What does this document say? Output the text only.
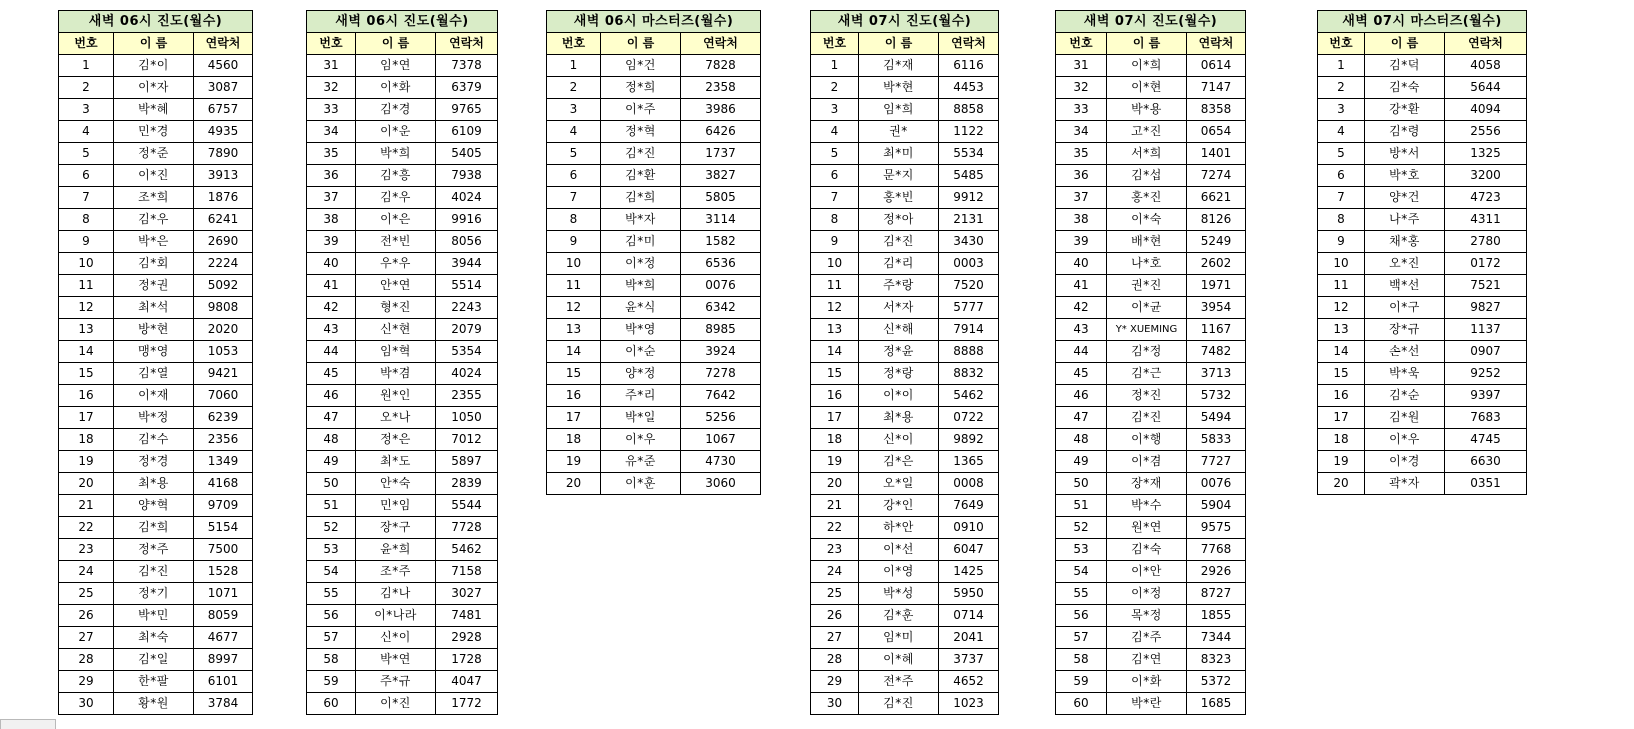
새벽 06시 진도(월수)		
번호	이 름	연락처
1	김*이	4560
2	이*자	3087
3	박*혜	6757
4	민*경	4935
5	정*준	7890
6	이*진	3913
7	조*희	1876
8	김*우	6241
9	박*은	2690
10	김*회	2224
11	정*권	5092
12	최*석	9808
13	방*현	2020
14	맹*영	1053
15	김*열	9421
16	이*재	7060
17	박*정	6239
18	김*수	2356
19	정*경	1349
20	최*용	4168
21	양*혁	9709
22	김*희	5154
23	정*주	7500
24	김*진	1528
25	정*기	1071
26	박*민	8059
27	최*숙	4677
28	김*일	8997
29	한*팔	6101
30	황*원	3784
새벽 06시 진도(월수)		
번호	이 름	연락처
31	임*연	7378
32	이*화	6379
33	김*경	9765
34	이*운	6109
35	박*희	5405
36	김*흥	7938
37	김*우	4024
38	이*은	9916
39	전*빈	8056
40	우*우	3944
41	안*연	5514
42	형*진	2243
43	신*현	2079
44	임*혁	5354
45	박*겸	4024
46	원*인	2355
47	오*나	1050
48	정*은	7012
49	최*도	5897
50	안*숙	2839
51	민*임	5544
52	장*구	7728
53	윤*희	5462
54	조*주	7158
55	김*나	3027
56	이*나라	7481
57	신*이	2928
58	박*연	1728
59	주*규	4047
60	이*진	1772
새벽 06시 마스터즈(월수)		
번호	이 름	연락처
1	임*건	7828
2	정*희	2358
3	이*주	3986
4	정*혁	6426
5	김*진	1737
6	김*환	3827
7	김*희	5805
8	박*자	3114
9	김*미	1582
10	이*정	6536
11	박*희	0076
12	윤*식	6342
13	박*영	8985
14	이*순	3924
15	양*정	7278
16	주*리	7642
17	박*일	5256
18	이*우	1067
19	유*준	4730
20	이*훈	3060
새벽 07시 진도(월수)		
번호	이 름	연락처
1	김*재	6116
2	박*현	4453
3	임*희	8858
4	권*	1122
5	최*미	5534
6	문*지	5485
7	홍*빈	9912
8	정*아	2131
9	김*진	3430
10	김*리	0003
11	주*랑	7520
12	서*자	5777
13	신*해	7914
14	정*윤	8888
15	정*랑	8832
16	이*이	5462
17	최*용	0722
18	신*이	9892
19	김*은	1365
20	오*일	0008
21	강*인	7649
22	하*안	0910
23	이*선	6047
24	이*영	1425
25	박*성	5950
26	김*훈	0714
27	임*미	2041
28	이*혜	3737
29	전*주	4652
30	김*진	1023
새벽 07시 진도(월수)		
번호	이 름	연락처
31	이*희	0614
32	이*현	7147
33	박*용	8358
34	고*진	0654
35	서*희	1401
36	김*섭	7274
37	홍*진	6621
38	이*숙	8126
39	배*현	5249
40	나*호	2602
41	권*진	1971
42	이*균	3954
43	Y* XUEMING	1167
44	김*정	7482
45	김*근	3713
46	정*진	5732
47	김*진	5494
48	이*행	5833
49	이*겸	7727
50	장*재	0076
51	박*수	5904
52	원*연	9575
53	김*숙	7768
54	이*안	2926
55	이*정	8727
56	목*정	1855
57	김*주	7344
58	김*연	8323
59	이*화	5372
60	박*란	1685
새벽 07시 마스터즈(월수)		
번호	이 름	연락처
1	김*덕	4058
2	김*숙	5644
3	강*환	4094
4	김*령	2556
5	방*서	1325
6	박*호	3200
7	양*건	4723
8	나*주	4311
9	채*홍	2780
10	오*진	0172
11	백*선	7521
12	이*구	9827
13	장*규	1137
14	손*선	0907
15	박*욱	9252
16	김*순	9397
17	김*원	7683
18	이*우	4745
19	이*경	6630
20	곽*자	0351
